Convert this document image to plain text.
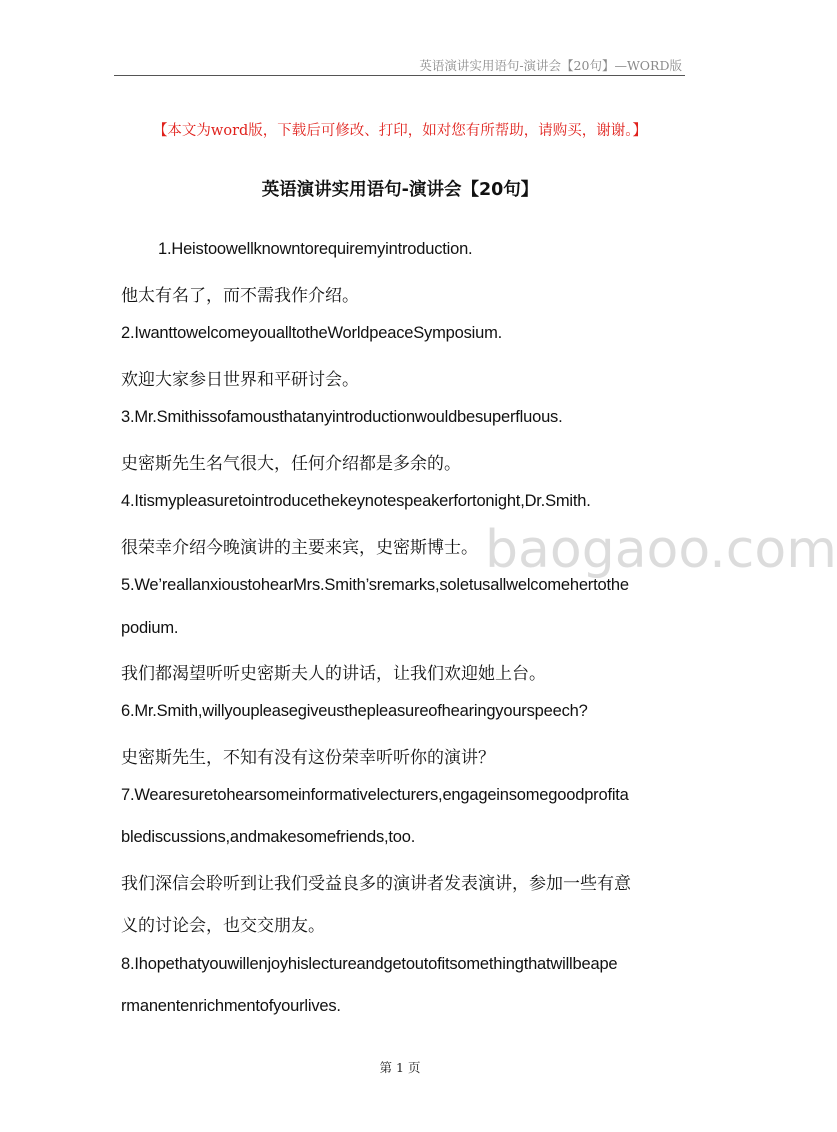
英语演讲实用语句-演讲会【20句】—WORD版
【本文为word版，下载后可修改、打印，如对您有所帮助，请购买，谢谢。】
英语演讲实用语句-演讲会【20句】
baogaoo.com
1.Heistoowellknowntorequiremyintroduction.
他太有名了，而不需我作介绍。
2.IwanttowelcomeyoualltotheWorldpeaceSymposium.
欢迎大家参日世界和平研讨会。
3.Mr.Smithissofamousthatanyintroductionwouldbesuperfluous.
史密斯先生名气很大，任何介绍都是多余的。
4.Itismypleasuretointroducethekeynotespeakerfortonight,Dr.Smith.
很荣幸介绍今晚演讲的主要来宾，史密斯博士。
5.We’reallanxioustohearMrs.Smith’sremarks,soletusallwelcomehertothe
podium.
我们都渴望听听史密斯夫人的讲话，让我们欢迎她上台。
6.Mr.Smith,willyoupleasegiveusthepleasureofhearingyourspeech?
史密斯先生，不知有没有这份荣幸听听你的演讲？
7.Wearesuretohearsomeinformativelecturers,engageinsomegoodprofita
blediscussions,andmakesomefriends,too.
我们深信会聆听到让我们受益良多的演讲者发表演讲，参加一些有意
义的讨论会，也交交朋友。
8.Ihopethatyouwillenjoyhislectureandgetoutofitsomethingthatwillbeape
rmanentenrichmentofyourlives.
第 1 页
